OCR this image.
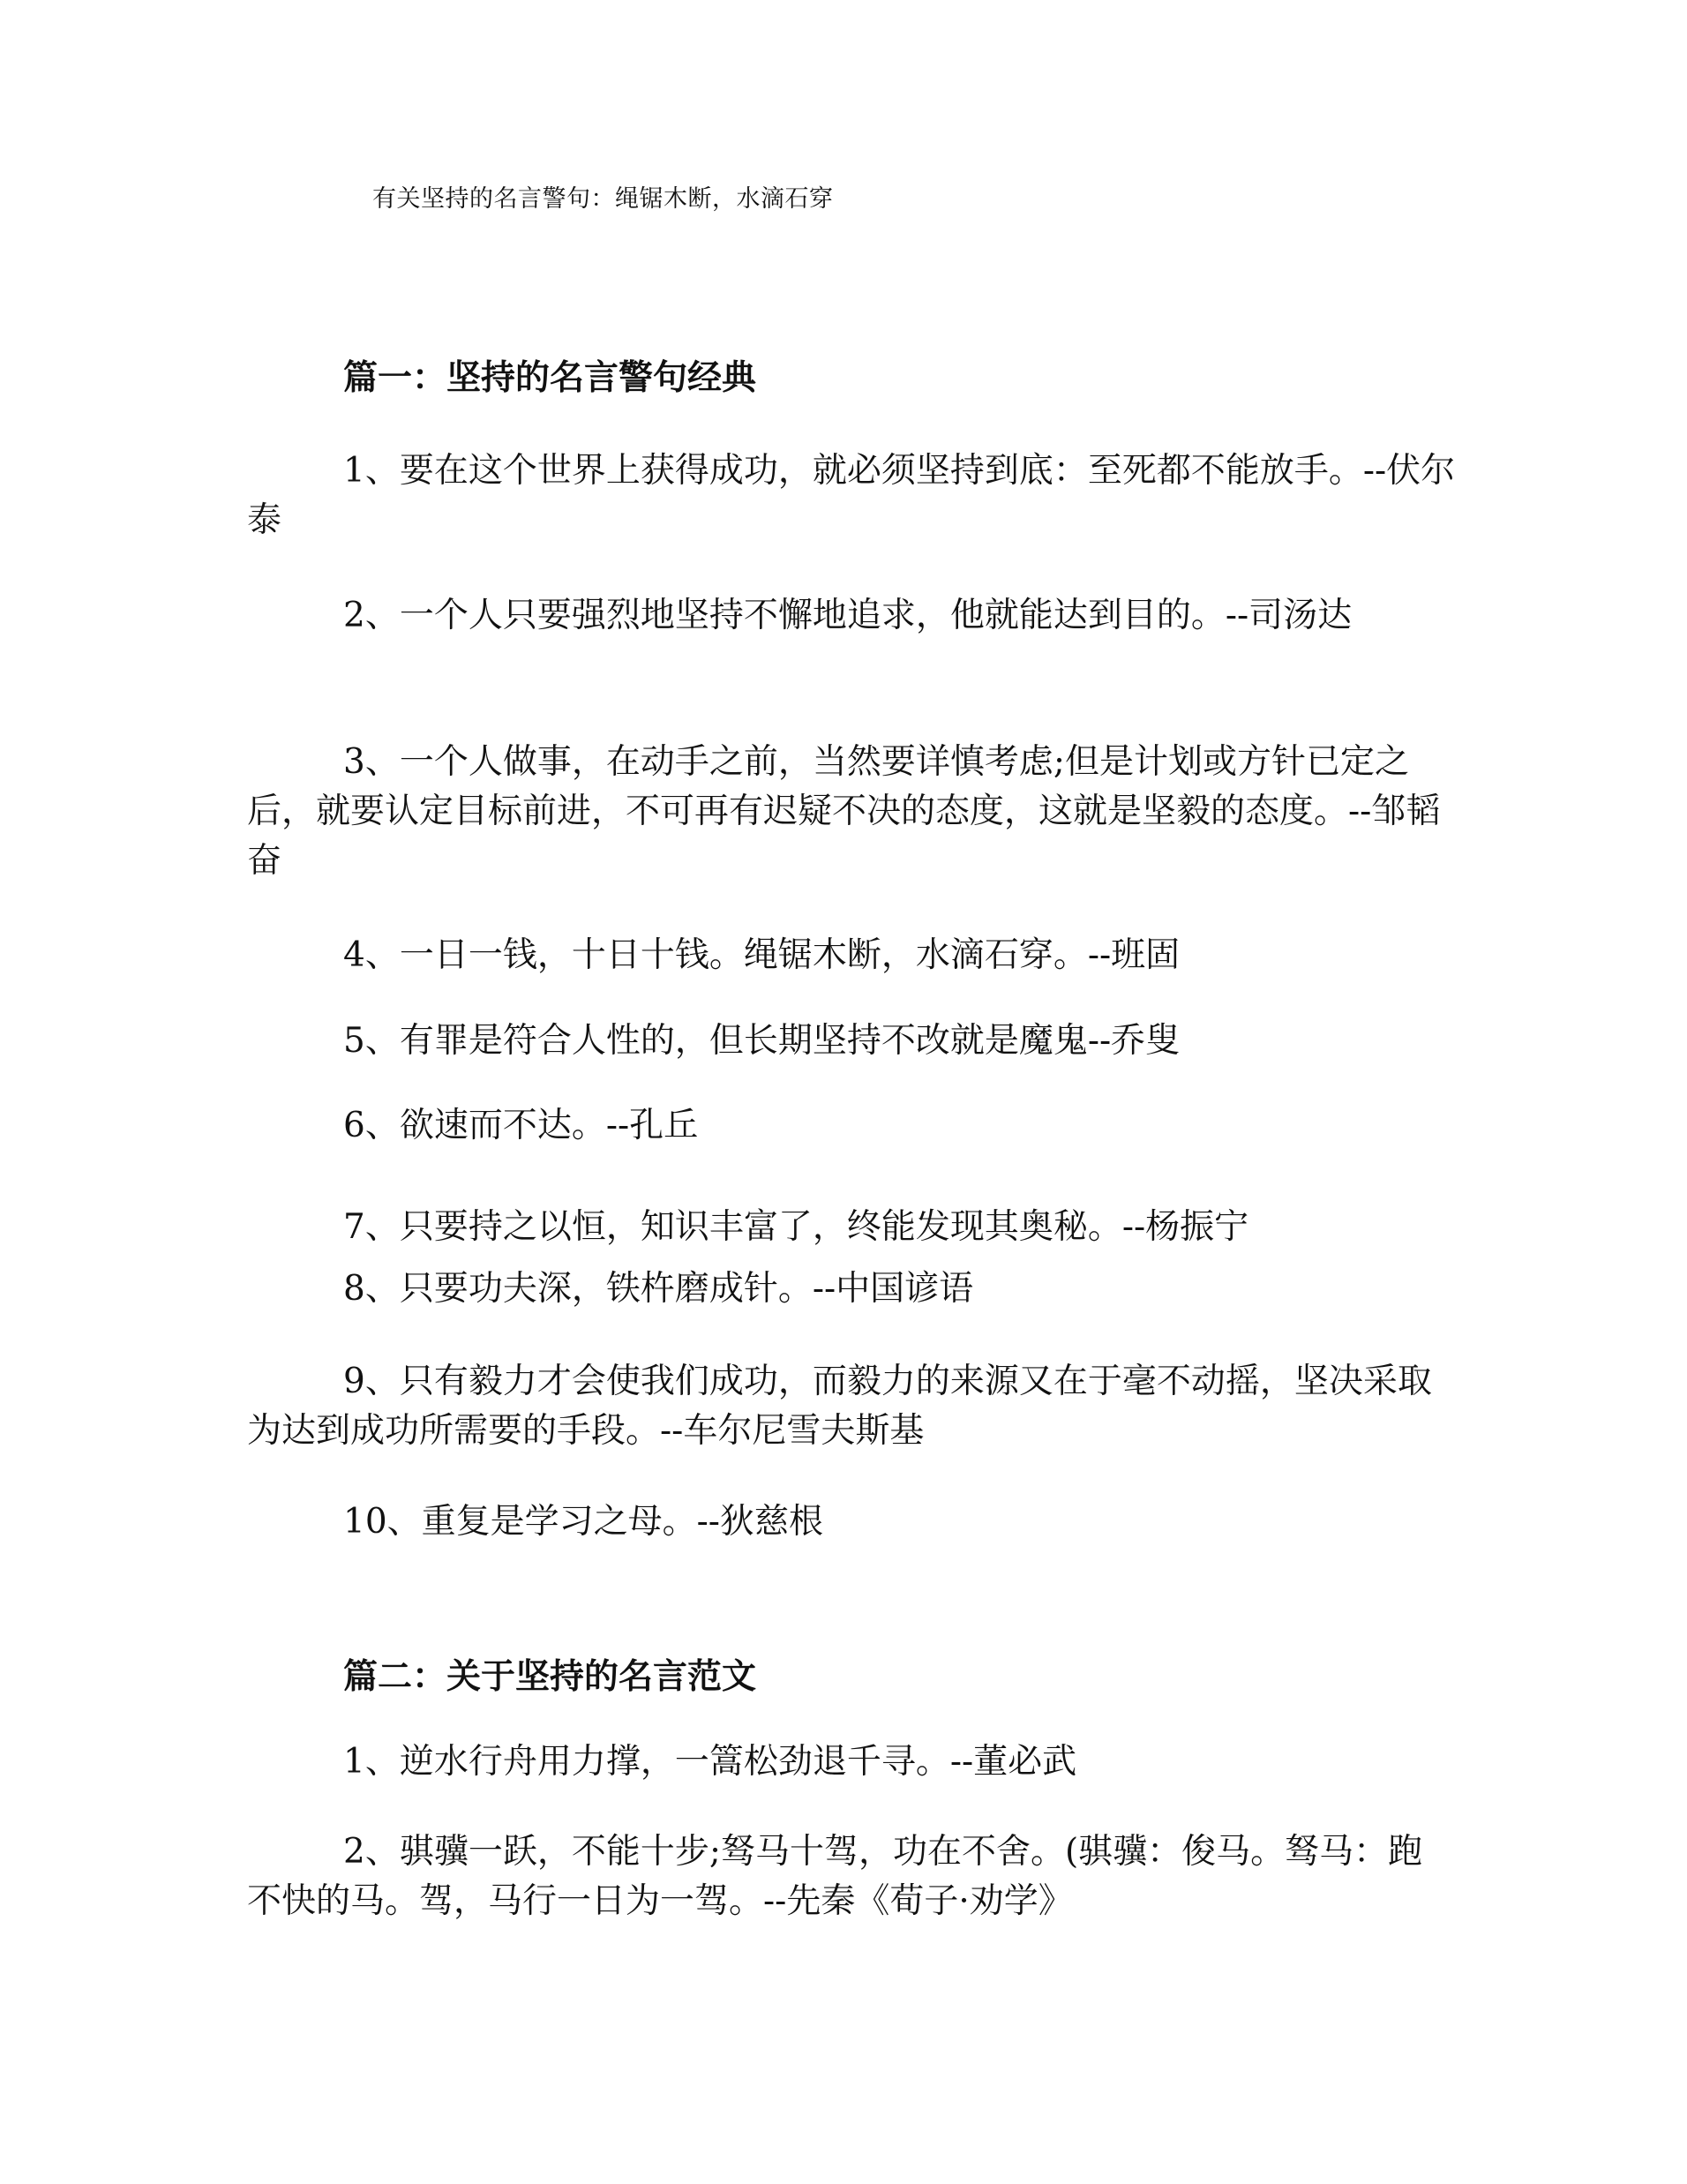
有关坚持的名言警句：绳锯木断，水滴石穿
篇一：坚持的名言警句经典

1、要在这个世界上获得成功，就必须坚持到底：至死都不能放手。--伏尔泰

2、一个人只要强烈地坚持不懈地追求，他就能达到目的。--司汤达

3、一个人做事，在动手之前，当然要详慎考虑;但是计划或方针已定之后，就要认定目标前进，不可再有迟疑不决的态度，这就是坚毅的态度。--邹韬奋

4、一日一钱，十日十钱。绳锯木断，水滴石穿。--班固

5、有罪是符合人性的，但长期坚持不改就是魔鬼--乔叟

6、欲速而不达。--孔丘

7、只要持之以恒，知识丰富了，终能发现其奥秘。--杨振宁

8、只要功夫深，铁杵磨成针。--中国谚语

9、只有毅力才会使我们成功，而毅力的来源又在于毫不动摇，坚决采取为达到成功所需要的手段。--车尔尼雪夫斯基

10、重复是学习之母。--狄慈根

篇二：关于坚持的名言范文

1、逆水行舟用力撑，一篙松劲退千寻。--董必武

2、骐骥一跃，不能十步;驽马十驾，功在不舍。(骐骥：俊马。驽马：跑不快的马。驾，马行一日为一驾。--先秦《荀子·劝学》
